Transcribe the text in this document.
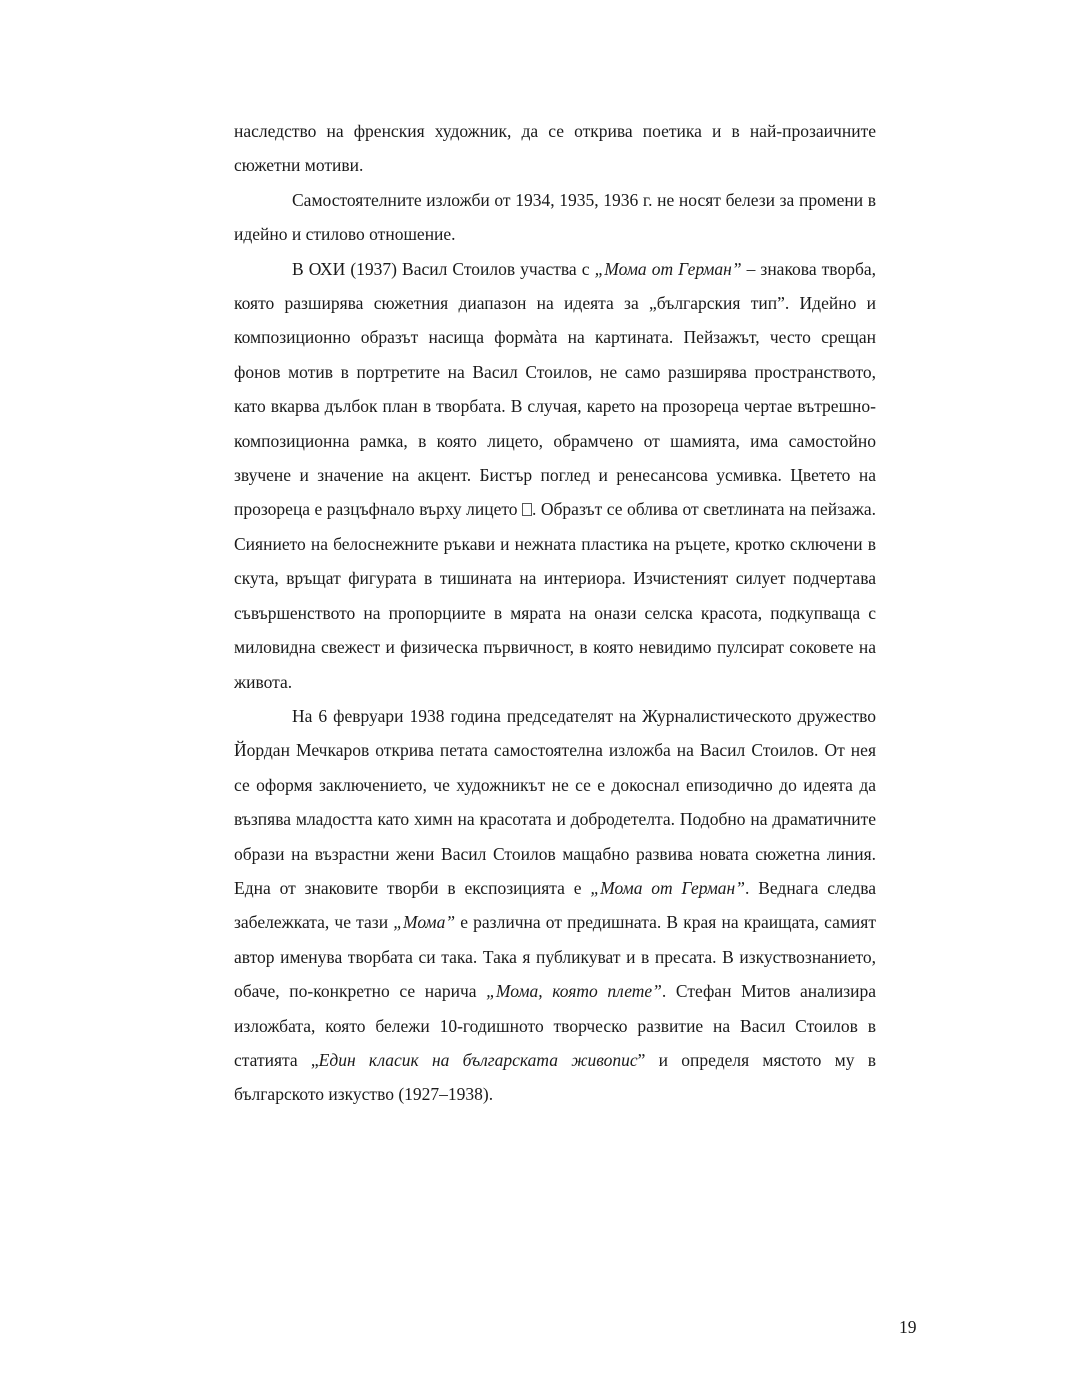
наследство на френския художник, да се открива поетика и в най-прозаичните сюжетни мотиви.

Самостоятелните изложби от 1934, 1935, 1936 г. не носят белези за промени в идейно и стилово отношение.

В ОХИ (1937) Васил Стоилов участва с „Мома от Герман” – знакова творба, която разширява сюжетния диапазон на идеята за „българския тип”. Идейно и композиционно образът насища формàта на картината. Пейзажът, често срещан фонов мотив в портретите на Васил Стоилов, не само разширява пространството, като вкарва дълбок план в творбата. В случая, карето на прозореца чертае вътрешно-композиционна рамка, в която лицето, обрамчено от шамията, има самостойно звучене и значение на акцент. Бистър поглед и ренесансова усмивка. Цветето на прозореца е разцъфнало върху лицето . Образът се облива от светлината на пейзажа. Сиянието на белоснежните ръкави и нежната пластика на ръцете, кротко сключени в скута, връщат фигурата в тишината на интериора. Изчистеният силует подчертава съвършенството на пропорциите в мярата на онази селска красота, подкупваща с миловидна свежест и физическа първичност, в която невидимо пулсират соковете на живота.

На 6 февруари 1938 година председателят на Журналистическото дружество Йордан Мечкаров открива петата самостоятелна изложба на Васил Стоилов. От нея се оформя заключението, че художникът не се е докоснал епизодично до идеята да възпява младостта като химн на красотата и добродетелта. Подобно на драматичните образи на възрастни жени Васил Стоилов мащабно развива новата сюжетна линия. Една от знаковите творби в експозицията е „Мома от Герман”. Веднага следва забележката, че тази „Мома” е различна от предишната. В края на краищата, самият автор именува творбата си така. Така я публикуват и в пресата. В изкуствознанието, обаче, по-конкретно се нарича „Мома, която плете”. Стефан Митов анализира изложбата, която бележи 10-годишното творческо развитие на Васил Стоилов в статията „Един класик на българската живопис” и определя мястото му в българското изкуство (1927–1938).

19
